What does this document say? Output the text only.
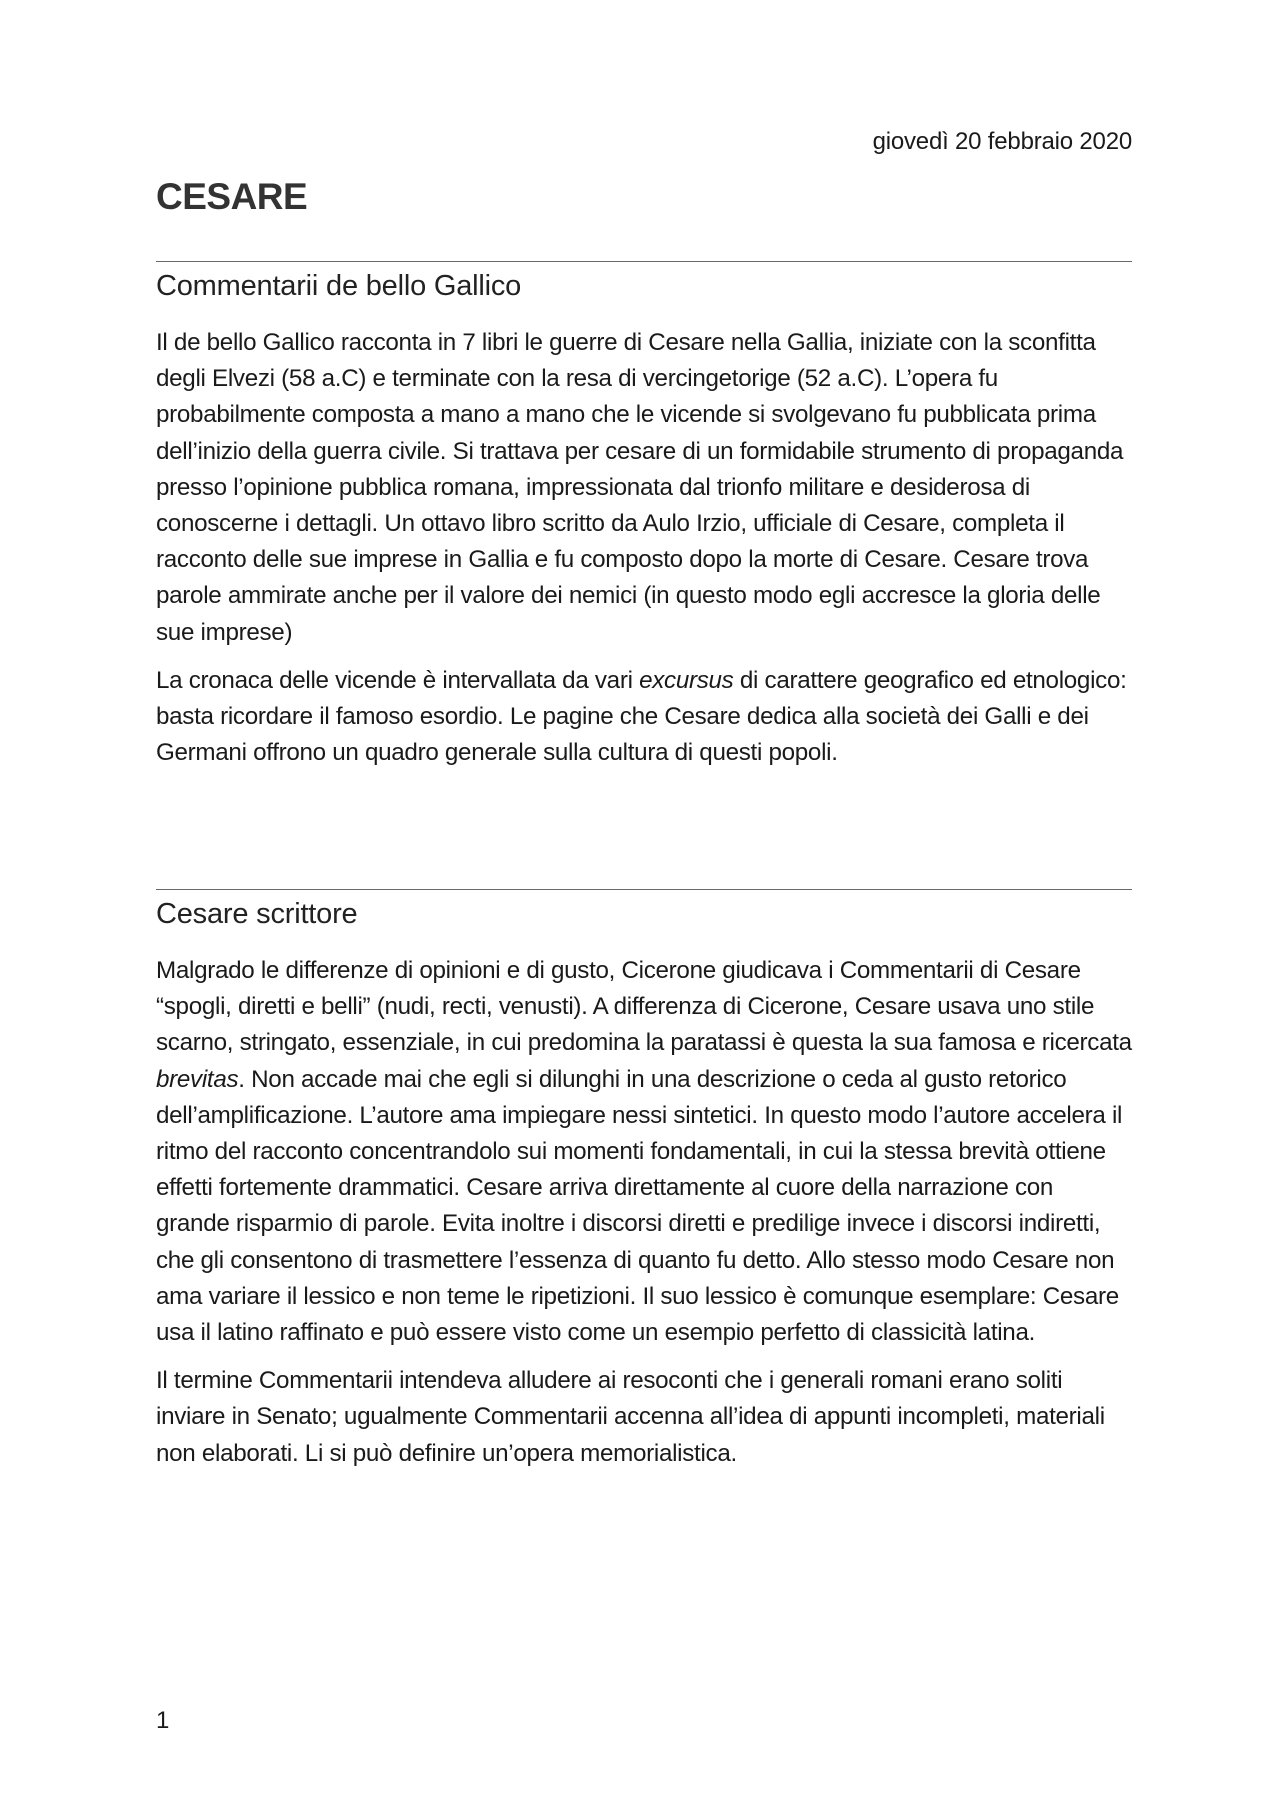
giovedì 20 febbraio 2020
CESARE
Commentarii de bello Gallico

Il de bello Gallico racconta in 7 libri le guerre di Cesare nella Gallia, iniziate con la sconfitta degli Elvezi (58 a.C) e terminate con la resa di vercingetorige (52 a.C). L’opera fu probabilmente composta a mano a mano che le vicende si svolgevano fu pubblicata prima dell’inizio della guerra civile. Si trattava per cesare di un formidabile strumento di propaganda presso l’opinione pubblica romana, impressionata dal trionfo militare e desiderosa di conoscerne i dettagli. Un ottavo libro scritto da Aulo Irzio, ufficiale di Cesare, completa il racconto delle sue imprese in Gallia e fu composto dopo la morte di Cesare. Cesare trova parole ammirate anche per il valore dei nemici (in questo modo egli accresce la gloria delle sue imprese)

La cronaca delle vicende è intervallata da vari excursus di carattere geografico ed etnologico: basta ricordare il famoso esordio. Le pagine che Cesare dedica alla società dei Galli e dei Germani offrono un quadro generale sulla cultura di questi popoli.

Cesare scrittore

Malgrado le differenze di opinioni e di gusto, Cicerone giudicava i Commentarii di Cesare “spogli, diretti e belli” (nudi, recti, venusti). A differenza di Cicerone, Cesare usava uno stile scarno, stringato, essenziale, in cui predomina la paratassi è questa la sua famosa e ricercata brevitas. Non accade mai che egli si dilunghi in una descrizione o ceda al gusto retorico dell’amplificazione. L’autore ama impiegare nessi sintetici. In questo modo l’autore accelera il ritmo del racconto concentrandolo sui momenti fondamentali, in cui la stessa brevità ottiene effetti fortemente drammatici. Cesare arriva direttamente al cuore della narrazione con grande risparmio di parole. Evita inoltre i discorsi diretti e predilige invece i discorsi indiretti, che gli consentono di trasmettere l’essenza di quanto fu detto. Allo stesso modo Cesare non ama variare il lessico e non teme le ripetizioni. Il suo lessico è comunque esemplare: Cesare usa il latino raffinato e può essere visto come un esempio perfetto di classicità latina.

Il termine Commentarii intendeva alludere ai resoconti che i generali romani erano soliti inviare in Senato; ugualmente Commentarii accenna all’idea di appunti incompleti, materiali non elaborati. Li si può definire un’opera memorialistica.

1
